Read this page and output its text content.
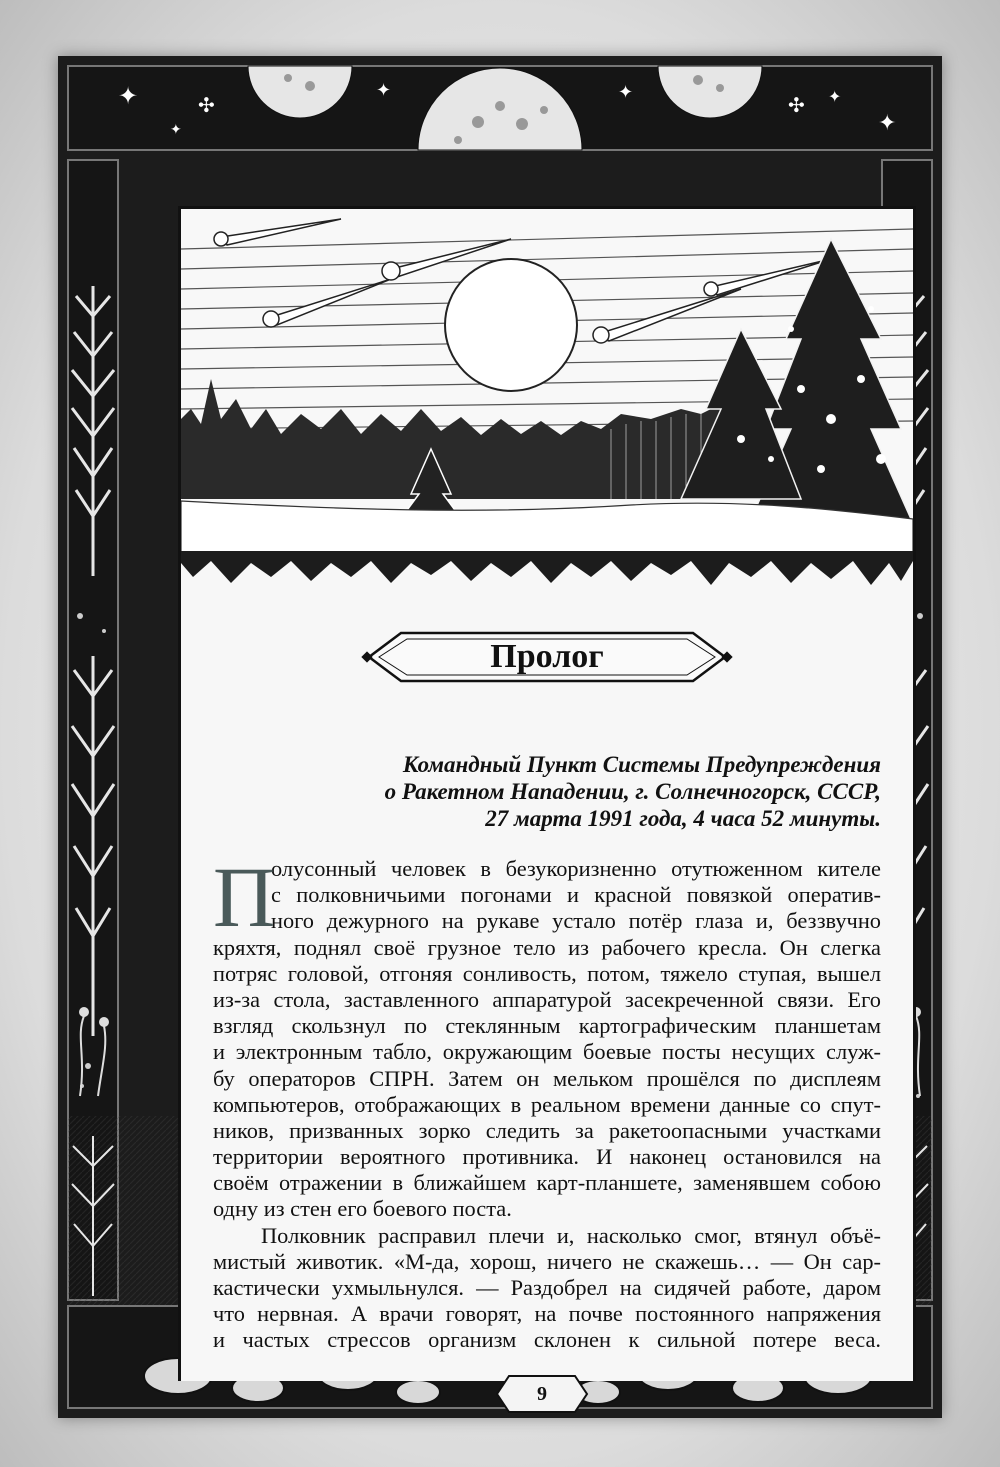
✦
✦
✦	✦	✦
✦
✣	✣
Пролог
Командный Пункт Системы Предупреждения
о Ракетном Нападении, г. Солнечногорск, СССР,
27 марта 1991 года, 4 часа 52 минуты.
П
олусонный человек в безукоризненно отутюженном кителе
с полковничьими погонами и красной повязкой оператив-
ного дежурного на рукаве устало потёр глаза и, беззвучно
кряхтя, поднял своё грузное тело из рабочего кресла. Он слегка
потряс головой, отгоняя сонливость, потом, тяжело ступая, вышел
из-за стола, заставленного аппаратурой засекреченной связи. Его
взгляд скользнул по стеклянным картографическим планшетам
и электронным табло, окружающим боевые посты несущих служ-
бу операторов СПРН. Затем он мельком прошёлся по дисплеям
компьютеров, отображающих в реальном времени данные со спут-
ников, призванных зорко следить за ракетоопасными участками
территории вероятного противника. И наконец остановился на
своём отражении в ближайшем карт-планшете, заменявшем собою
одну из стен его боевого поста.
Полковник расправил плечи и, насколько смог, втянул объё-
мистый животик. «М-да, хорош, ничего не скажешь… — Он сар-
кастически ухмыльнулся. — Раздобрел на сидячей работе, даром
что нервная. А врачи говорят, на почве постоянного напряжения
и частых стрессов организм склонен к сильной потере веса.
9
